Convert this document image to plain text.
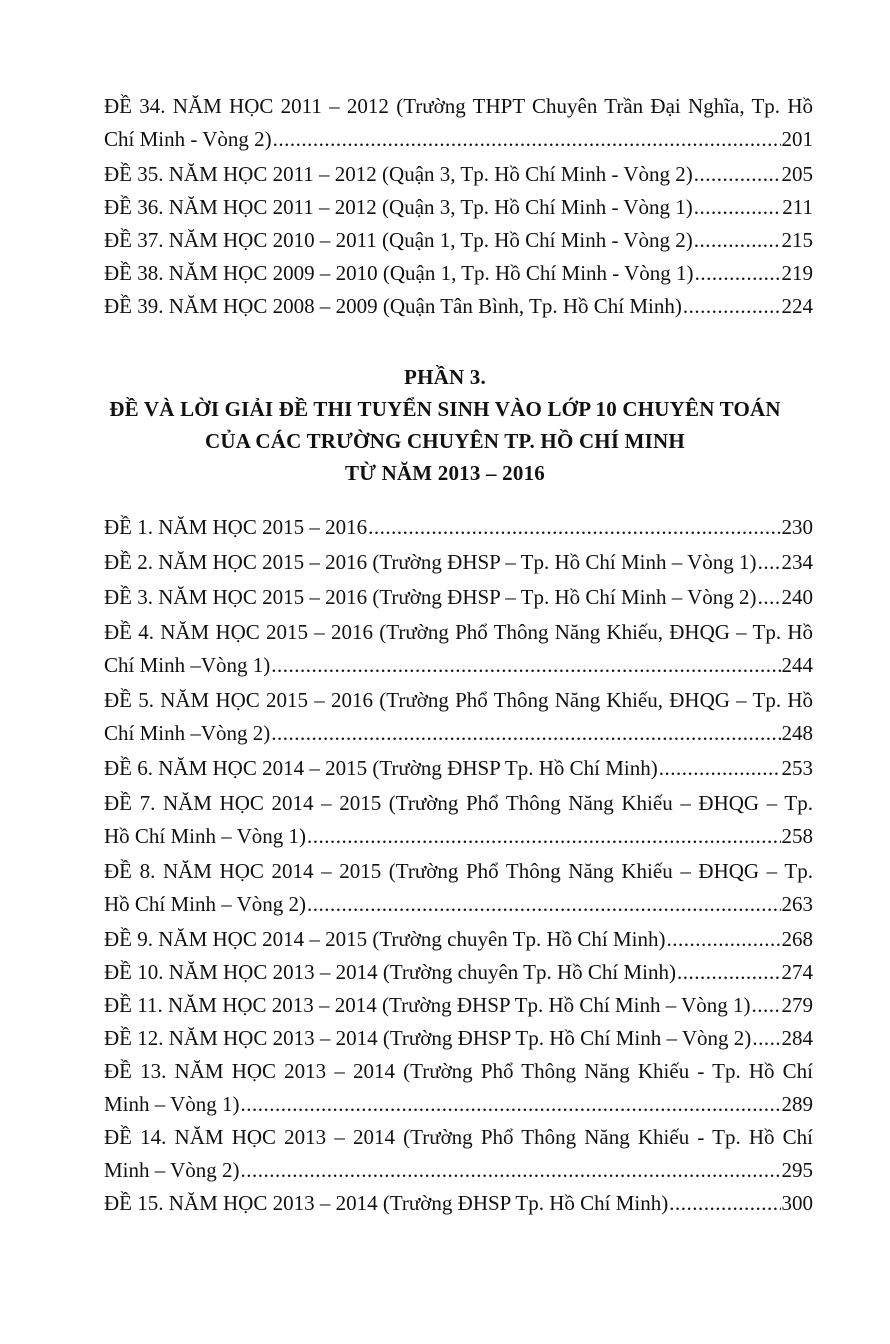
ĐỀ 34. NĂM HỌC 2011 – 2012 (Trường THPT Chuyên Trần Đại Nghĩa, Tp. Hồ
Chí Minh - Vòng 2) .....	201
ĐỀ 35. NĂM HỌC 2011 – 2012 (Quận 3, Tp. Hồ Chí Minh - Vòng 2) .....	205
ĐỀ 36. NĂM HỌC 2011 – 2012 (Quận 3, Tp. Hồ Chí Minh - Vòng 1) .....	211
ĐỀ 37. NĂM HỌC 2010 – 2011 (Quận 1, Tp. Hồ Chí Minh - Vòng 2) .....	215
ĐỀ 38. NĂM HỌC 2009 – 2010 (Quận 1, Tp. Hồ Chí Minh - Vòng 1) .....	219
ĐỀ 39. NĂM HỌC 2008 – 2009 (Quận Tân Bình, Tp. Hồ Chí Minh) .....	224
PHẦN 3.
ĐỀ VÀ LỜI GIẢI ĐỀ THI TUYỂN SINH VÀO LỚP 10 CHUYÊN TOÁN
CỦA CÁC TRƯỜNG CHUYÊN TP. HỒ CHÍ MINH
TỪ NĂM 2013 – 2016
ĐỀ 1. NĂM HỌC 2015 – 2016 .....	230
ĐỀ 2. NĂM HỌC 2015 – 2016 (Trường ĐHSP – Tp. Hồ Chí Minh – Vòng 1) ..... 234
ĐỀ 3. NĂM HỌC 2015 – 2016 (Trường ĐHSP – Tp. Hồ Chí Minh – Vòng 2) ..... 240
ĐỀ 4. NĂM HỌC 2015 – 2016 (Trường Phổ Thông Năng Khiếu, ĐHQG – Tp. Hồ
Chí Minh –Vòng 1) .....	244
ĐỀ 5. NĂM HỌC 2015 – 2016 (Trường Phổ Thông Năng Khiếu, ĐHQG – Tp. Hồ
Chí Minh –Vòng 2) .....	248
ĐỀ 6. NĂM HỌC 2014 – 2015 (Trường ĐHSP Tp. Hồ Chí Minh) .....	253
ĐỀ 7. NĂM HỌC 2014 – 2015 (Trường Phổ Thông Năng Khiếu – ĐHQG – Tp.
Hồ Chí Minh – Vòng 1) .....	258
ĐỀ 8. NĂM HỌC 2014 – 2015 (Trường Phổ Thông Năng Khiếu – ĐHQG – Tp.
Hồ Chí Minh – Vòng 2) .....	263
ĐỀ 9. NĂM HỌC 2014 – 2015 (Trường chuyên Tp. Hồ Chí Minh) .....	268
ĐỀ 10. NĂM HỌC 2013 – 2014 (Trường chuyên Tp. Hồ Chí Minh) .....	274
ĐỀ 11. NĂM HỌC 2013 – 2014 (Trường ĐHSP Tp. Hồ Chí Minh – Vòng 1) ..... 279
ĐỀ 12. NĂM HỌC 2013 – 2014 (Trường ĐHSP Tp. Hồ Chí Minh – Vòng 2) ..... 284
ĐỀ 13. NĂM HỌC 2013 – 2014 (Trường Phổ Thông Năng Khiếu - Tp. Hồ Chí
Minh – Vòng 1) .....	289
ĐỀ 14. NĂM HỌC 2013 – 2014 (Trường Phổ Thông Năng Khiếu - Tp. Hồ Chí
Minh – Vòng 2) .....	295
ĐỀ 15. NĂM HỌC 2013 – 2014 (Trường ĐHSP Tp. Hồ Chí Minh) .....	300
